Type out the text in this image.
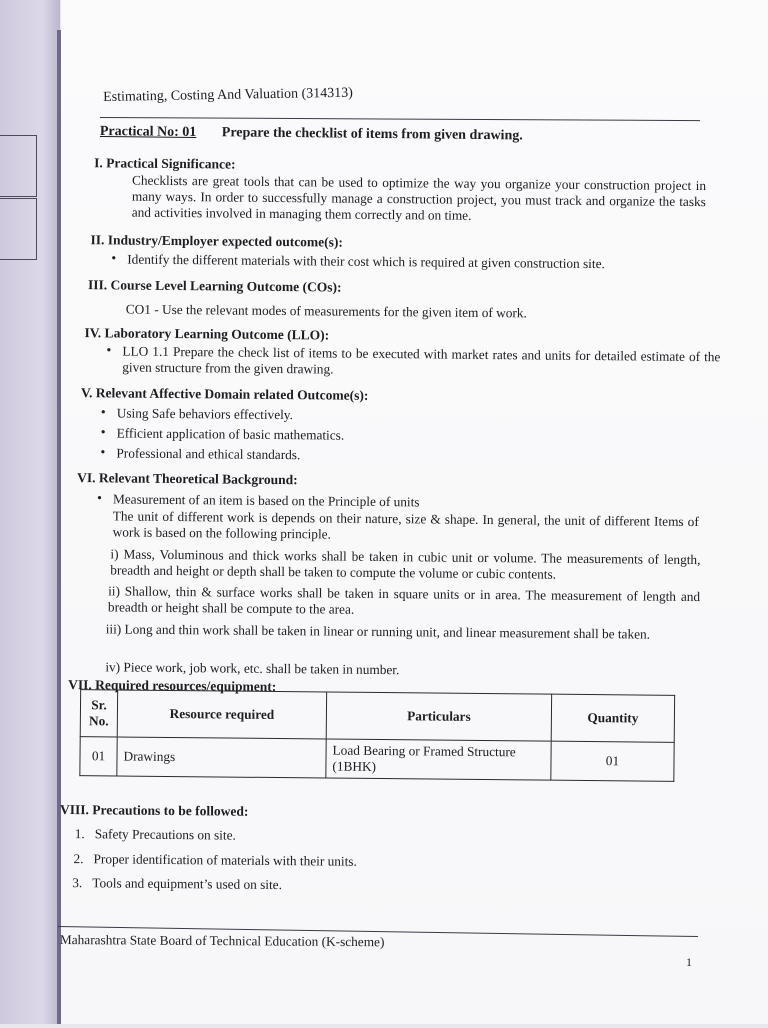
Estimating, Costing And Valuation (314313)
Practical No: 01 Prepare the checklist of items from given drawing.
I. Practical Significance:
Checklists are great tools that can be used to optimize the way you organize your construction project in many ways. In order to successfully manage a construction project, you must track and organize the tasks and activities involved in managing them correctly and on time.
II. Industry/Employer expected outcome(s):
• Identify the different materials with their cost which is required at given construction site.
III. Course Level Learning Outcome (COs):
CO1 - Use the relevant modes of measurements for the given item of work.
IV. Laboratory Learning Outcome (LLO):
• LLO 1.1 Prepare the check list of items to be executed with market rates and units for detailed estimate of the given structure from the given drawing.
V. Relevant Affective Domain related Outcome(s):
• Using Safe behaviors effectively.
• Efficient application of basic mathematics.
• Professional and ethical standards.
VI. Relevant Theoretical Background:
• Measurement of an item is based on the Principle of units
The unit of different work is depends on their nature, size & shape. In general, the unit of different Items of work is based on the following principle.
i) Mass, Voluminous and thick works shall be taken in cubic unit or volume. The measurements of length, breadth and height or depth shall be taken to compute the volume or cubic contents.
ii) Shallow, thin & surface works shall be taken in square units or in area. The measurement of length and breadth or height shall be compute to the area.
iii) Long and thin work shall be taken in linear or running unit, and linear measurement shall be taken.
iv) Piece work, job work, etc. shall be taken in number.
VII. Required resources/equipment:
Sr. No.	Resource required	Particulars	Quantity
01	Drawings	Load Bearing or Framed Structure (1BHK)	01
VIII. Precautions to be followed:
1. Safety Precautions on site.
2. Proper identification of materials with their units.
3. Tools and equipment’s used on site.
Maharashtra State Board of Technical Education (K-scheme)
1
